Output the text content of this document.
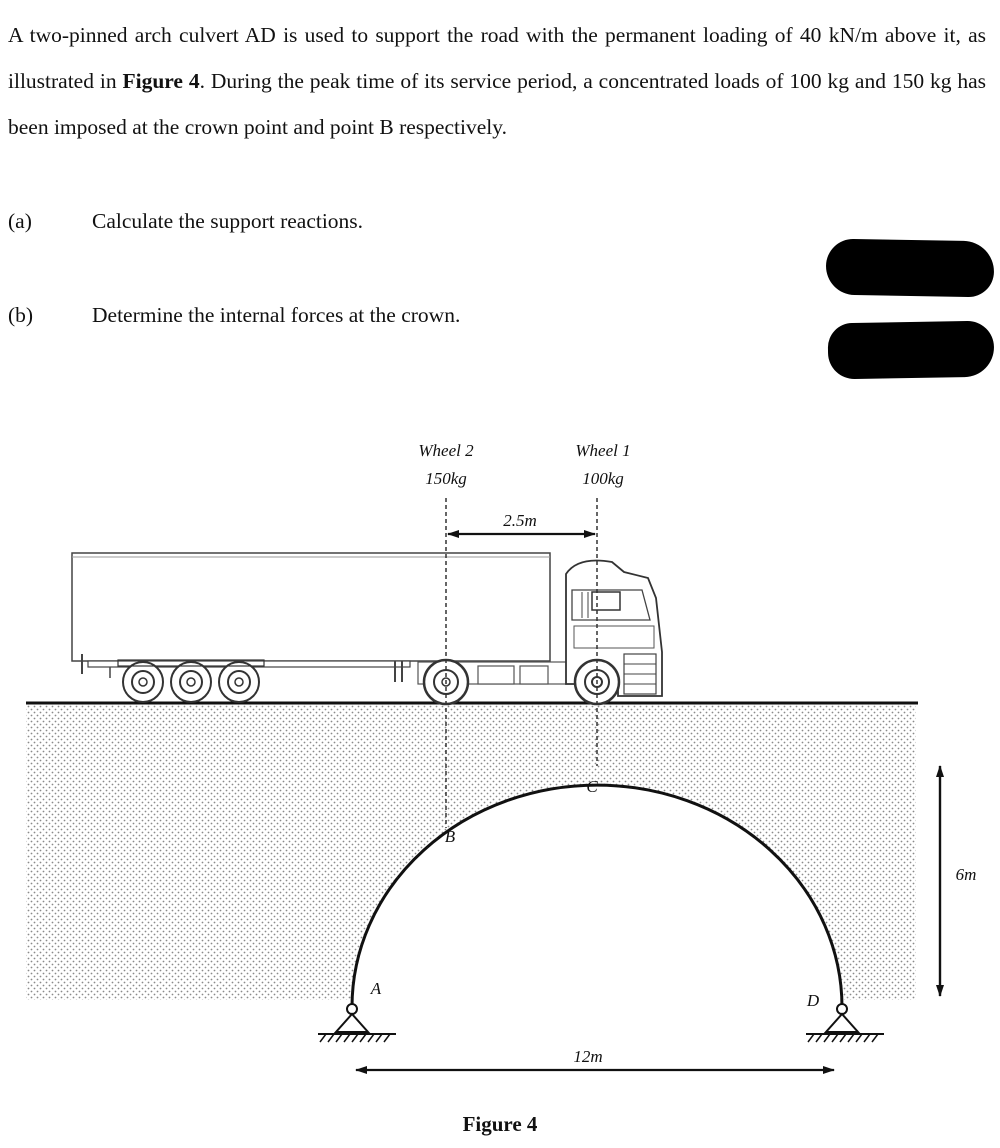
A two-pinned arch culvert AD is used to support the road with the permanent loading of 40 kN/m above it, as illustrated in Figure 4. During the peak time of its service period, a concentrated loads of 100 kg and 150 kg has been imposed at the crown point and point B respectively.

(a)	Calculate the support reactions.
(b)	Determine the internal forces at the crown.
Wheel 2
150kg
Wheel 1
100kg
2.5m
C
B
A
D
12m
6m
Figure 4
